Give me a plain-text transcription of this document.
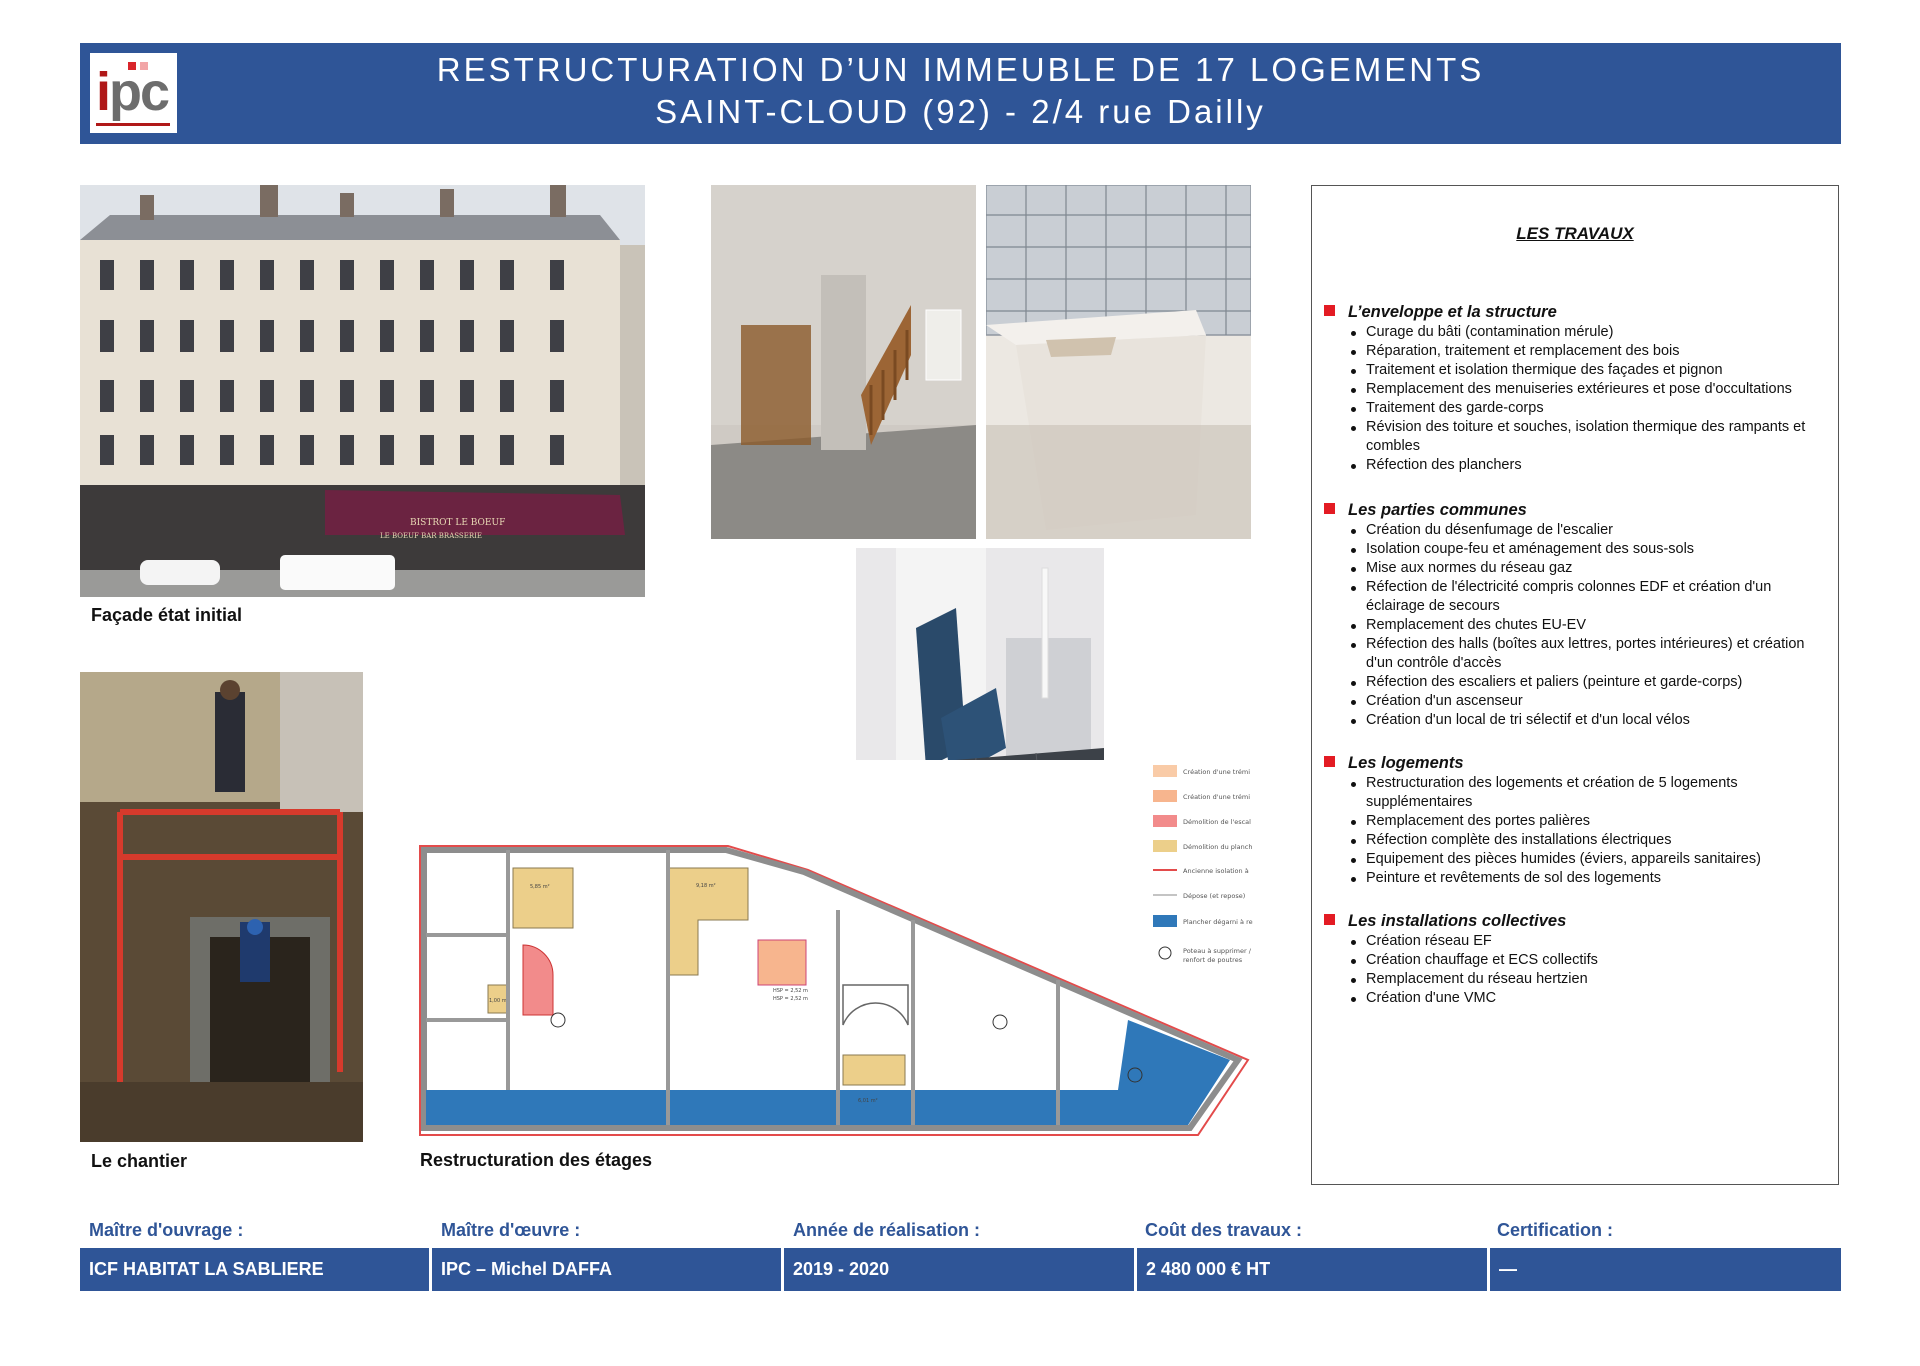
ipc	RESTRUCTURATION D’UN IMMEUBLE DE 17 LOGEMENTS
SAINT-CLOUD (92) - 2/4 rue Dailly
BISTROT LE BOEUF
LE BOEUF BAR BRASSERIE
Façade état initial
Le chantier
Création d'une trémi
Création d'une trémi
Démolition de l'escal
Démolition du planch
Ancienne isolation à
Dépose (et repose)
Plancher dégarni à re
Poteau à supprimer /
renfort de poutres
5,85 m²	9,18 m²
1,00 m²
6,01 m²
HSP = 2,52 m
HSP = 2,52 m
Restructuration des étages
LES TRAVAUX
L’enveloppe et la structure
Curage du bâti (contamination mérule)
Réparation, traitement et remplacement des bois
Traitement et isolation thermique des façades et pignon
Remplacement des menuiseries extérieures et pose d'occultations
Traitement des garde-corps
Révision des toiture et souches, isolation thermique des rampants et combles
Réfection des planchers
Les parties communes
Création du désenfumage de l'escalier
Isolation coupe-feu et aménagement des sous-sols
Mise aux normes du réseau gaz
Réfection de l'électricité compris colonnes EDF et création d'un éclairage de secours
Remplacement des chutes EU-EV
Réfection des halls (boîtes aux lettres, portes intérieures) et création d'un contrôle d'accès
Réfection des escaliers et paliers (peinture et garde-corps)
Création d'un ascenseur
Création d'un local de tri sélectif et d'un local vélos
Les logements
Restructuration des logements et création de 5 logements supplémentaires
Remplacement des portes palières
Réfection complète des installations électriques
Equipement des pièces humides (éviers, appareils sanitaires)
Peinture et revêtements de sol des logements
Les installations collectives
Création réseau EF
Création chauffage et ECS collectifs
Remplacement du réseau hertzien
Création d'une VMC
Maître d'ouvrage :	Maître d'œuvre :	Année de réalisation :	Coût des travaux :	Certification :
ICF HABITAT LA SABLIERE	IPC – Michel DAFFA	2019 - 2020	2 480 000 € HT	—
